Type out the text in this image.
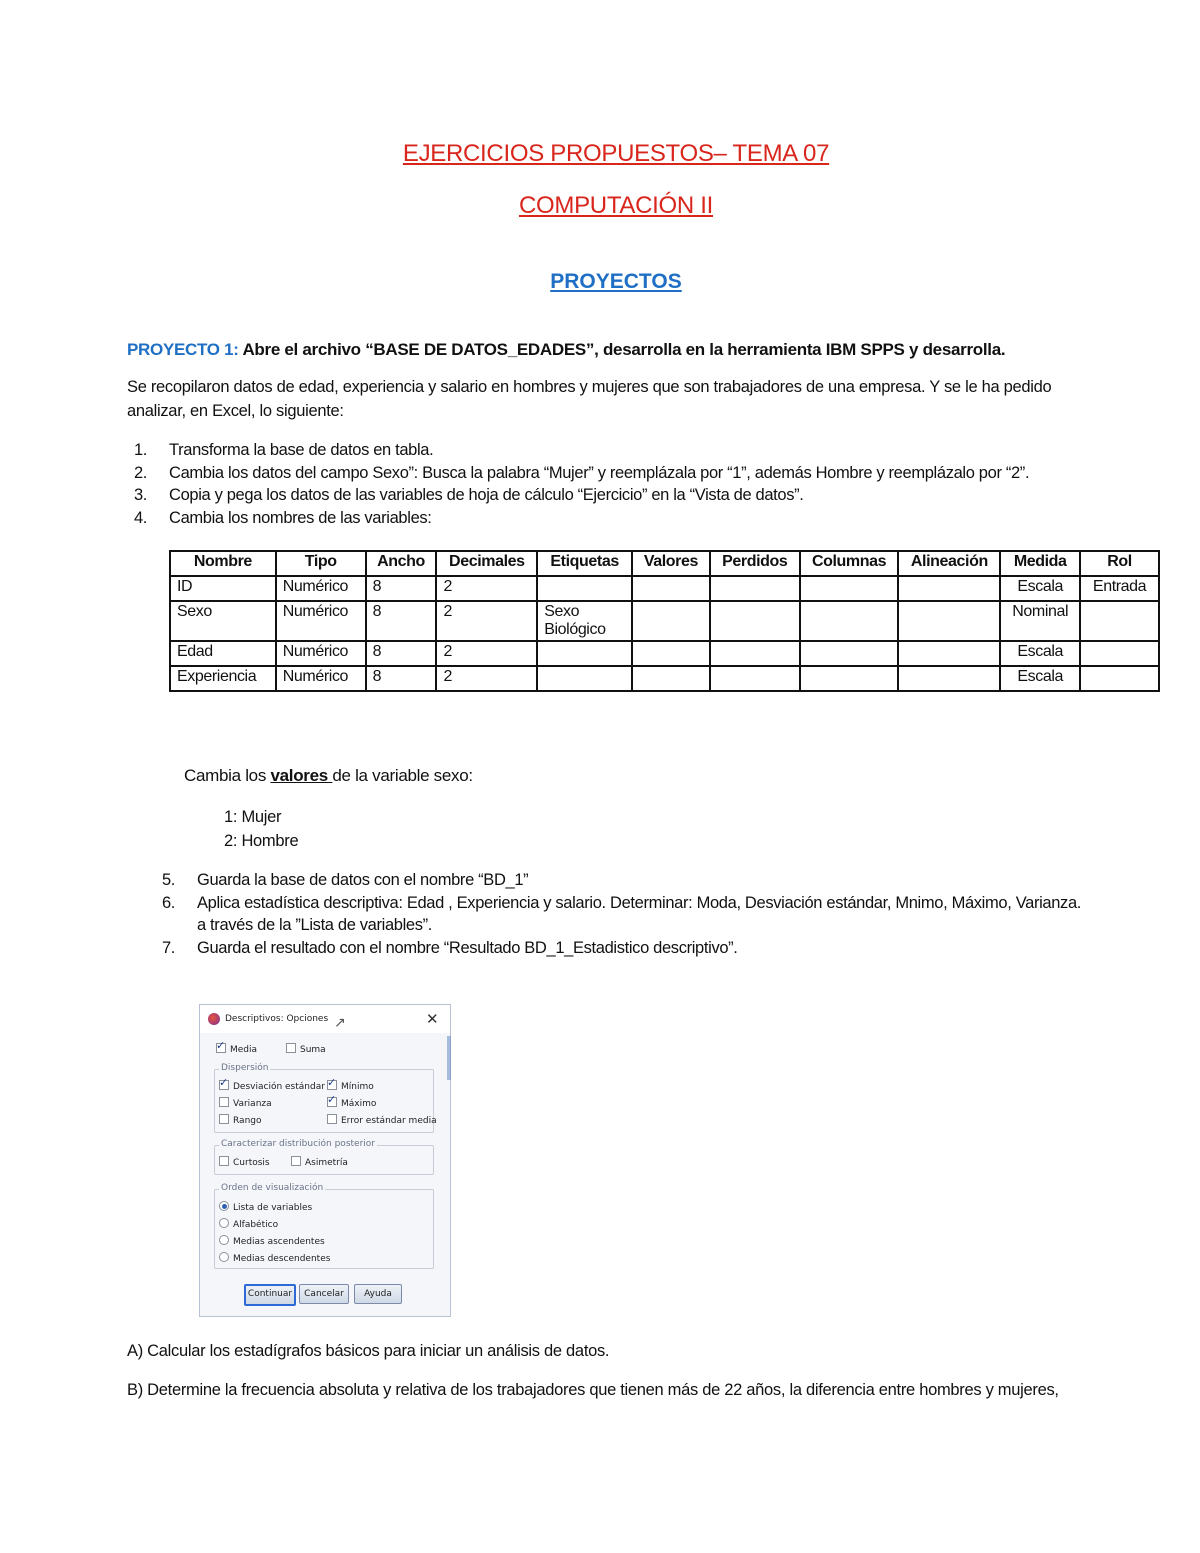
EJERCICIOS PROPUESTOS– TEMA 07
COMPUTACIÓN II
PROYECTOS
PROYECTO 1: Abre el archivo “BASE DE DATOS_EDADES”, desarrolla en la herramienta IBM SPPS y desarrolla.
Se recopilaron datos de edad, experiencia y salario en hombres y mujeres que son trabajadores de una empresa. Y se le ha pedido
analizar, en Excel, lo siguiente:
1. Transforma la base de datos en tabla.
2. Cambia los datos del campo Sexo”: Busca la palabra “Mujer” y reemplázala por “1”, además Hombre y reemplázalo por “2”.
3. Copia y pega los datos de las variables de hoja de cálculo “Ejercicio” en la “Vista de datos”.
4. Cambia los nombres de las variables:
Nombre	Tipo	Ancho	Decimales	Etiquetas	Valores	Perdidos	Columnas	Alineación	Medida	Rol
ID	Numérico	8	2						Escala	Entrada
Sexo	Numérico	8	2	Sexo
Biológico					Nominal	
Edad	Numérico	8	2						Escala	
Experiencia	Numérico	8	2						Escala	
Cambia los valores de la variable sexo:
1: Mujer
2: Hombre
5. Guarda la base de datos con el nombre “BD_1”
6. Aplica estadística descriptiva: Edad , Experiencia y salario. Determinar: Moda, Desviación estándar, Mnimo, Máximo, Varianza.
a través de la ”Lista de variables”.
7. Guarda el resultado con el nombre “Resultado BD_1_Estadistico descriptivo”.
Descriptivos: Opciones ↗	✕
✓Media	Suma
Dispersión
✓Desviación estándar ✓	Mínimo
Varianza ✓	Máximo
Rango	Error estándar media
Caracterizar distribución posterior
Curtosis	Asimetría
Orden de visualización
Lista de variables
Alfabético
Medias ascendentes
Medias descendentes
Continuar	Cancelar	Ayuda
A) Calcular los estadígrafos básicos para iniciar un análisis de datos.
B) Determine la frecuencia absoluta y relativa de los trabajadores que tienen más de 22 años, la diferencia entre hombres y mujeres,
